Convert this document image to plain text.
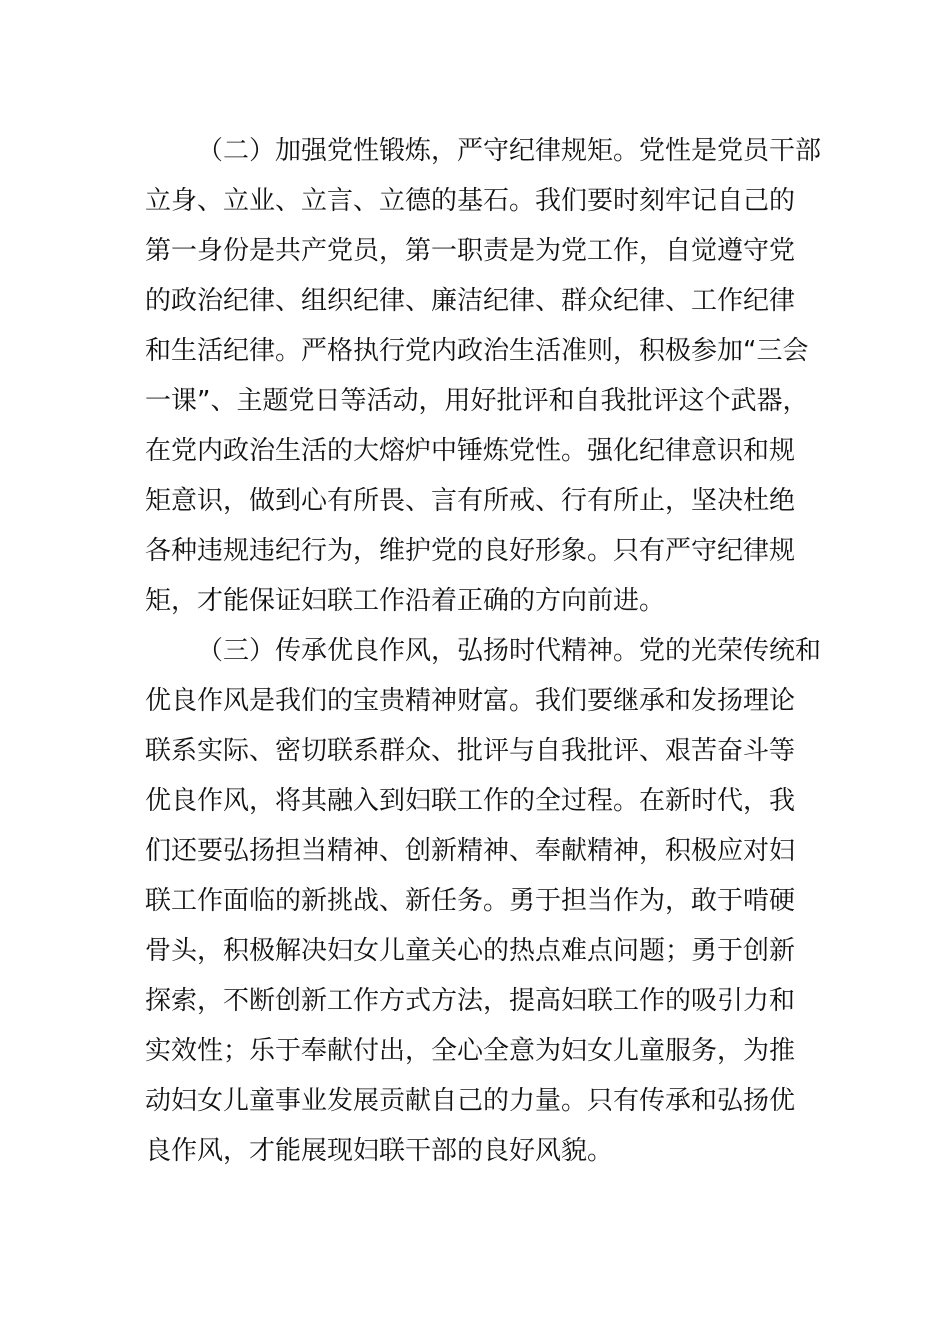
（二）加强党性锻炼，严守纪律规矩。党性是党员干部
立身、立业、立言、立德的基石。我们要时刻牢记自己的
第一身份是共产党员，第一职责是为党工作，自觉遵守党
的政治纪律、组织纪律、廉洁纪律、群众纪律、工作纪律
和生活纪律。严格执行党内政治生活准则，积极参加“三会
一课”、主题党日等活动，用好批评和自我批评这个武器，
在党内政治生活的大熔炉中锤炼党性。强化纪律意识和规
矩意识，做到心有所畏、言有所戒、行有所止，坚决杜绝
各种违规违纪行为，维护党的良好形象。只有严守纪律规
矩，才能保证妇联工作沿着正确的方向前进。
（三）传承优良作风，弘扬时代精神。党的光荣传统和
优良作风是我们的宝贵精神财富。我们要继承和发扬理论
联系实际、密切联系群众、批评与自我批评、艰苦奋斗等
优良作风，将其融入到妇联工作的全过程。在新时代，我
们还要弘扬担当精神、创新精神、奉献精神，积极应对妇
联工作面临的新挑战、新任务。勇于担当作为，敢于啃硬
骨头，积极解决妇女儿童关心的热点难点问题；勇于创新
探索，不断创新工作方式方法，提高妇联工作的吸引力和
实效性；乐于奉献付出，全心全意为妇女儿童服务，为推
动妇女儿童事业发展贡献自己的力量。只有传承和弘扬优
良作风，才能展现妇联干部的良好风貌。
